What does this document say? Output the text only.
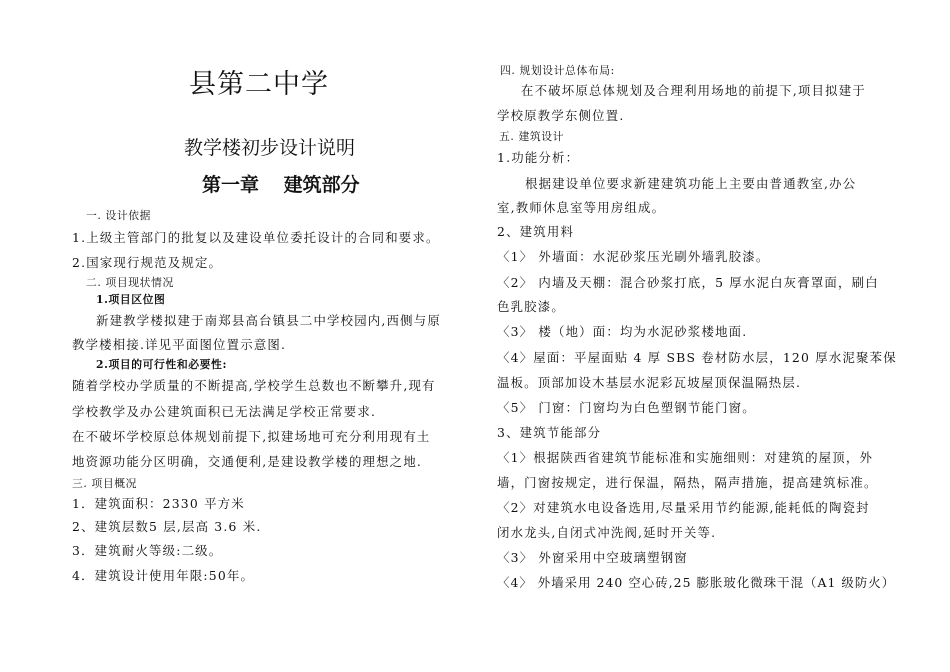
县第二中学
教学楼初步设计说明
第一章 建筑部分
一. 设计依据
1.上级主管部门的批复以及建设单位委托设计的合同和要求。
2.国家现行规范及规定。
二. 项目现状情况
1.项目区位图
新建教学楼拟建于南郑县高台镇县二中学校园内,西侧与原
教学楼相接.详见平面图位置示意图.
2.项目的可行性和必要性:
随着学校办学质量的不断提高,学校学生总数也不断攀升,现有
学校教学及办公建筑面积已无法满足学校正常要求.
在不破坏学校原总体规划前提下,拟建场地可充分利用现有土
地资源功能分区明确，交通便利,是建设教学楼的理想之地.
三. 项目概况
1．建筑面积：2330 平方米
2、建筑层数5 层,层高 3.6 米.
3．建筑耐火等级:二级。
4．建筑设计使用年限:50年。
四. 规划设计总体布局:
在不破坏原总体规划及合理利用场地的前提下,项目拟建于
学校原教学东侧位置.
五. 建筑设计
1.功能分析：
根据建设单位要求新建建筑功能上主要由普通教室,办公
室,教师休息室等用房组成。
2、建筑用料
〈1〉 外墙面：水泥砂浆压光刷外墙乳胶漆。
〈2〉 内墙及天棚：混合砂浆打底，5 厚水泥白灰膏罩面，刷白
色乳胶漆。
〈3〉 楼（地）面：均为水泥砂浆楼地面.
〈4〉屋面：平屋面贴 4 厚 SBS 卷材防水层，120 厚水泥聚苯保
温板。顶部加设木基层水泥彩瓦坡屋顶保温隔热层.
〈5〉 门窗：门窗均为白色塑钢节能门窗。
3、建筑节能部分
〈1〉根据陕西省建筑节能标准和实施细则：对建筑的屋顶，外
墙，门窗按规定，进行保温，隔热，隔声措施，提高建筑标准。
〈2〉对建筑水电设备选用,尽量采用节约能源,能耗低的陶瓷封
闭水龙头,自闭式冲洗阀,延时开关等.
〈3〉 外窗采用中空玻璃塑钢窗
〈4〉 外墙采用 240 空心砖,25 膨胀玻化微珠干混（A1 级防火）
